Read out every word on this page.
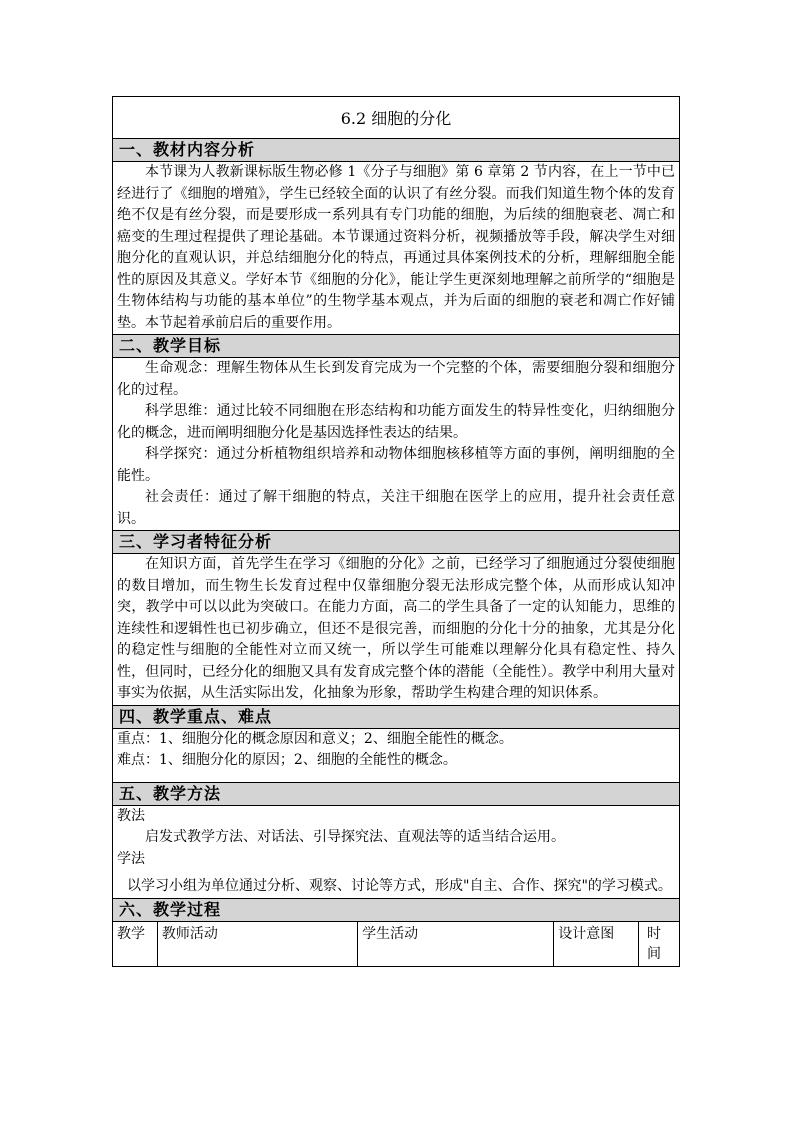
6.2 细胞的分化
一、教材内容分析

本节课为人教新课标版生物必修 1《分子与细胞》第 6 章第 2 节内容，在上一节中已经进行了《细胞的增殖》，学生已经较全面的认识了有丝分裂。而我们知道生物个体的发育绝不仅是有丝分裂，而是要形成一系列具有专门功能的细胞，为后续的细胞衰老、凋亡和癌变的生理过程提供了理论基础。本节课通过资料分析，视频播放等手段，解决学生对细胞分化的直观认识，并总结细胞分化的特点，再通过具体案例技术的分析，理解细胞全能性的原因及其意义。学好本节《细胞的分化》，能让学生更深刻地理解之前所学的“细胞是生物体结构与功能的基本单位”的生物学基本观点，并为后面的细胞的衰老和凋亡作好铺垫。本节起着承前启后的重要作用。

二、教学目标

生命观念：理解生物体从生长到发育完成为一个完整的个体，需要细胞分裂和细胞分化的过程。

科学思维：通过比较不同细胞在形态结构和功能方面发生的特异性变化，归纳细胞分化的概念，进而阐明细胞分化是基因选择性表达的结果。

科学探究：通过分析植物组织培养和动物体细胞核移植等方面的事例，阐明细胞的全能性。

社会责任：通过了解干细胞的特点，关注干细胞在医学上的应用，提升社会责任意识。

三、学习者特征分析

在知识方面，首先学生在学习《细胞的分化》之前，已经学习了细胞通过分裂使细胞的数目增加，而生物生长发育过程中仅靠细胞分裂无法形成完整个体，从而形成认知冲突，教学中可以以此为突破口。在能力方面，高二的学生具备了一定的认知能力，思维的连续性和逻辑性也已初步确立，但还不是很完善，而细胞的分化十分的抽象，尤其是分化的稳定性与细胞的全能性对立而又统一，所以学生可能难以理解分化具有稳定性、持久性，但同时，已经分化的细胞又具有发育成完整个体的潜能（全能性）。教学中利用大量对事实为依据，从生活实际出发，化抽象为形象，帮助学生构建合理的知识体系。

四、教学重点、难点

重点：1、细胞分化的概念原因和意义；2、细胞全能性的概念。

难点：1、细胞分化的原因；2、细胞的全能性的概念。

五、教学方法

教法

启发式教学方法、对话法、引导探究法、直观法等的适当结合运用。

学法

以学习小组为单位通过分析、观察、讨论等方式，形成"自主、合作、探究"的学习模式。

六、教学过程
教学	教师活动	学生活动	设计意图	时间
